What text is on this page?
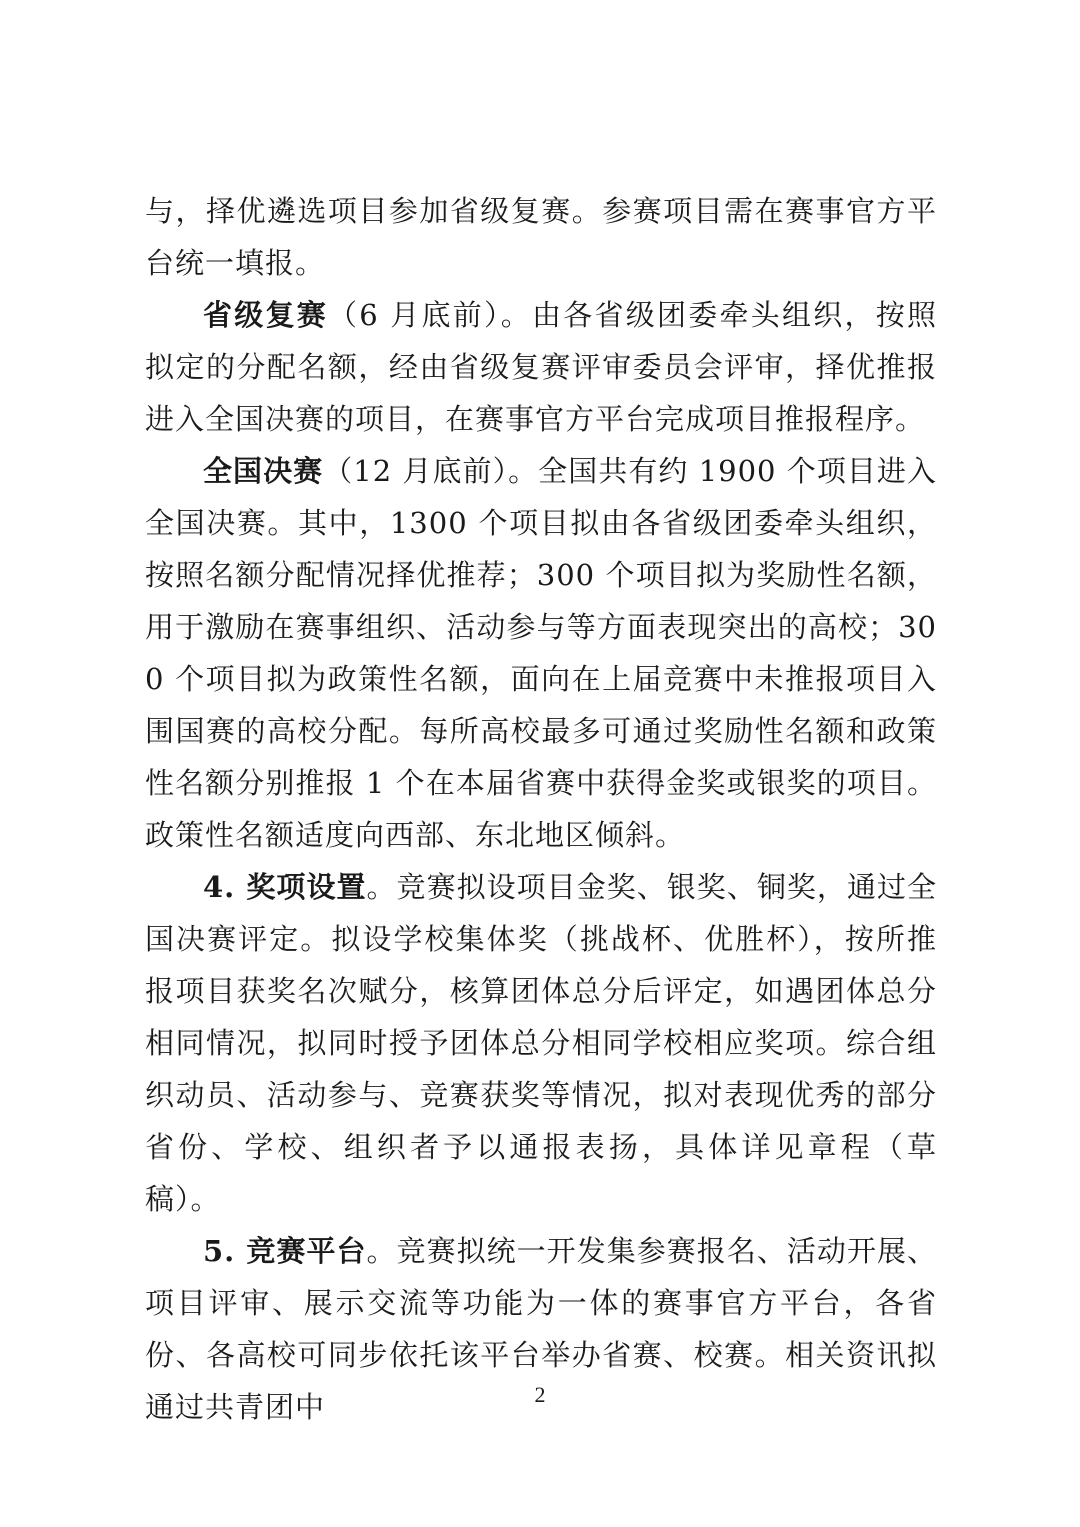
与，择优遴选项目参加省级复赛。参赛项目需在赛事官方平台统一填报。

省级复赛（6 月底前）。由各省级团委牵头组织，按照拟定的分配名额，经由省级复赛评审委员会评审，择优推报进入全国决赛的项目，在赛事官方平台完成项目推报程序。

全国决赛（12 月底前）。全国共有约 1900 个项目进入全国决赛。其中，1300 个项目拟由各省级团委牵头组织，按照名额分配情况择优推荐；300 个项目拟为奖励性名额，用于激励在赛事组织、活动参与等方面表现突出的高校；300 个项目拟为政策性名额，面向在上届竞赛中未推报项目入围国赛的高校分配。每所高校最多可通过奖励性名额和政策性名额分别推报 1 个在本届省赛中获得金奖或银奖的项目。政策性名额适度向西部、东北地区倾斜。

4. 奖项设置。竞赛拟设项目金奖、银奖、铜奖，通过全国决赛评定。拟设学校集体奖（挑战杯、优胜杯），按所推报项目获奖名次赋分，核算团体总分后评定，如遇团体总分相同情况，拟同时授予团体总分相同学校相应奖项。综合组织动员、活动参与、竞赛获奖等情况，拟对表现优秀的部分省份、学校、组织者予以通报表扬，具体详见章程（草稿）。

5. 竞赛平台。竞赛拟统一开发集参赛报名、活动开展、项目评审、展示交流等功能为一体的赛事官方平台，各省份、各高校可同步依托该平台举办省赛、校赛。相关资讯拟通过共青团中	2
